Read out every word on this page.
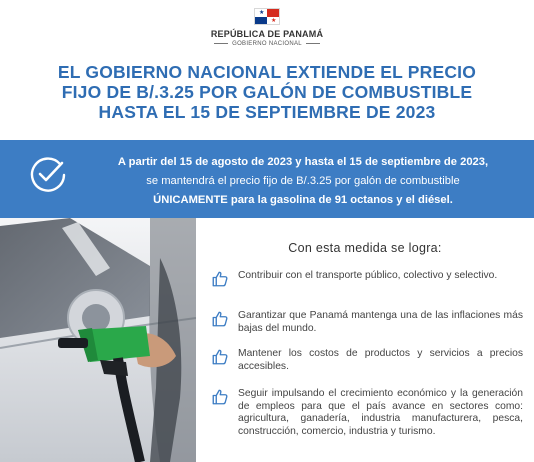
★
★
REPÚBLICA DE PANAMÁ
GOBIERNO NACIONAL
EL GOBIERNO NACIONAL EXTIENDE EL PRECIO
FIJO DE B/.3.25 POR GALÓN DE COMBUSTIBLE
HASTA EL 15 DE SEPTIEMBRE DE 2023
A partir del 15 de agosto de 2023 y hasta el 15 de septiembre de 2023,
se mantendrá el precio fijo de B/.3.25 por galón de combustible
ÚNICAMENTE para la gasolina de 91 octanos y el diésel.
Con esta medida se logra:
Contribuir con el transporte público, colectivo y selectivo.
Garantizar que Panamá mantenga una de las inflaciones más bajas del mundo.
Mantener los costos de productos y servicios a precios accesibles.
Seguir impulsando el crecimiento económico y la generación de empleos para que el país avance en sectores como: agricultura, ganadería, industria manufacturera, pesca, construcción, comercio, industria y turismo.
